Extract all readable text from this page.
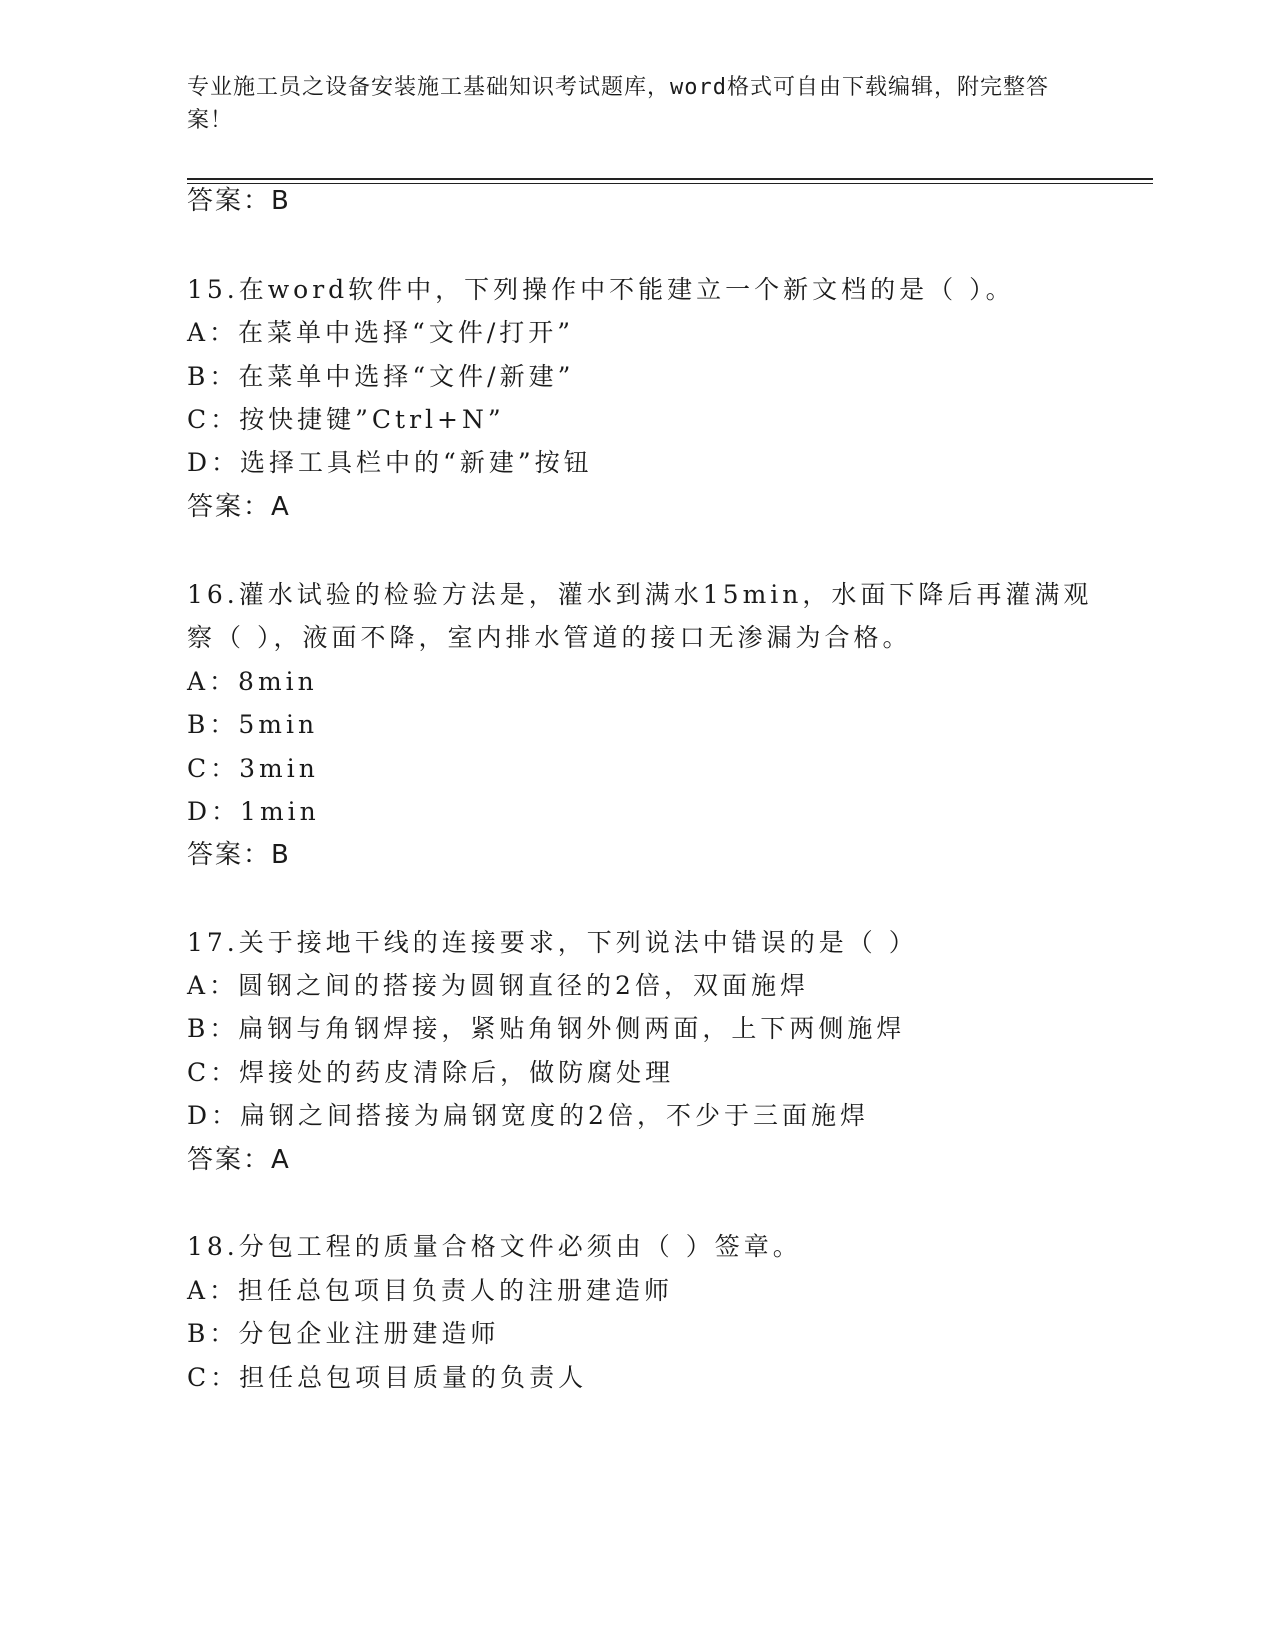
专业施工员之设备安装施工基础知识考试题库，word格式可自由下载编辑，附完整答案！
答案：B
15.在word软件中，下列操作中不能建立一个新文档的是（ ）。
A：在菜单中选择“文件/打开”
B：在菜单中选择“文件/新建”
C：按快捷键”Ctrl+N”
D：选择工具栏中的“新建”按钮
答案：A
16.灌水试验的检验方法是，灌水到满水15min，水面下降后再灌满观
察（ ），液面不降，室内排水管道的接口无渗漏为合格。
A：8min
B：5min
C：3min
D：1min
答案：B
17.关于接地干线的连接要求，下列说法中错误的是（ ）
A：圆钢之间的搭接为圆钢直径的2倍，双面施焊
B：扁钢与角钢焊接，紧贴角钢外侧两面，上下两侧施焊
C：焊接处的药皮清除后，做防腐处理
D：扁钢之间搭接为扁钢宽度的2倍，不少于三面施焊
答案：A
18.分包工程的质量合格文件必须由（ ）签章。
A：担任总包项目负责人的注册建造师
B：分包企业注册建造师
C：担任总包项目质量的负责人
